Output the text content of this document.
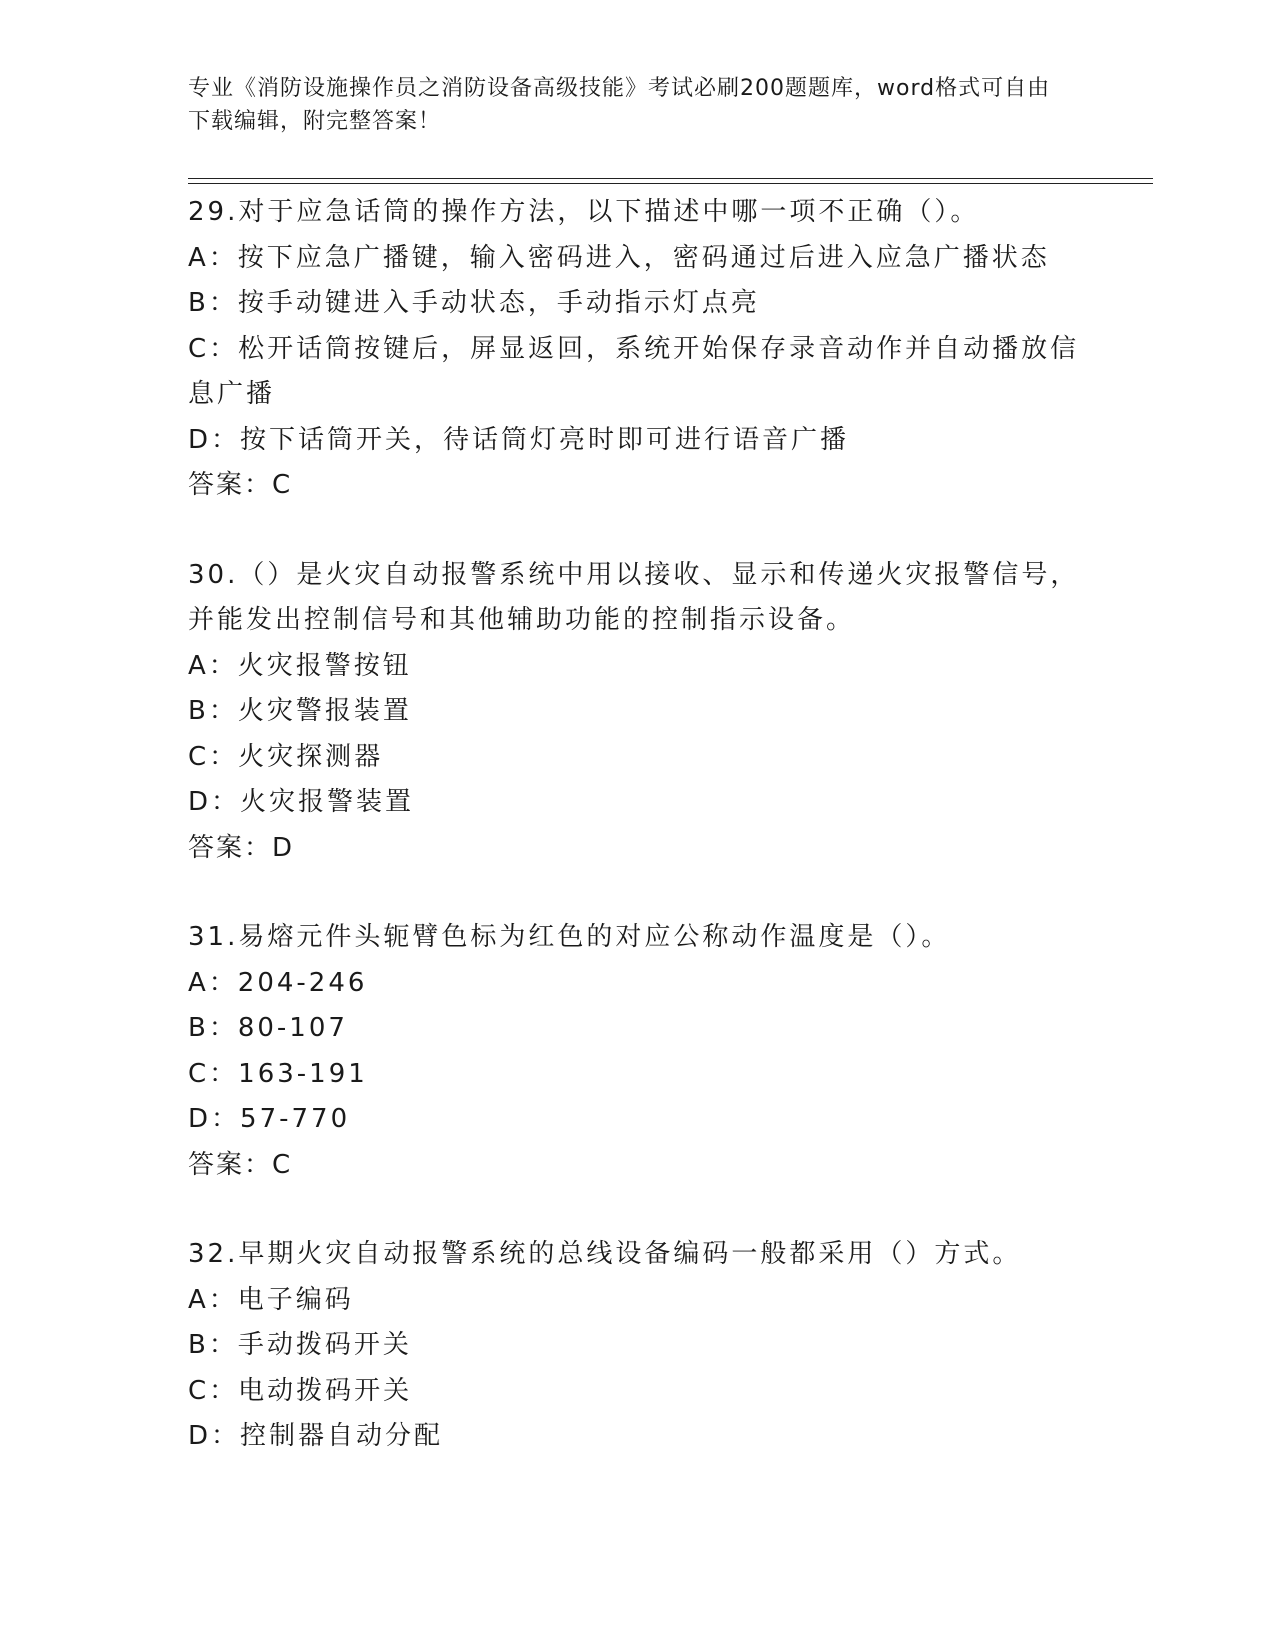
专业《消防设施操作员之消防设备高级技能》考试必刷200题题库，word格式可自由下载编辑，附完整答案！

29.对于应急话筒的操作方法，以下描述中哪一项不正确（）。

A：按下应急广播键，输入密码进入，密码通过后进入应急广播状态

B：按手动键进入手动状态，手动指示灯点亮

C：松开话筒按键后，屏显返回，系统开始保存录音动作并自动播放信息广播

D：按下话筒开关，待话筒灯亮时即可进行语音广播

答案：C

30.（）是火灾自动报警系统中用以接收、显示和传递火灾报警信号，并能发出控制信号和其他辅助功能的控制指示设备。

A：火灾报警按钮

B：火灾警报装置

C：火灾探测器

D：火灾报警装置

答案：D

31.易熔元件头轭臂色标为红色的对应公称动作温度是（）。

A：204-246

B：80-107

C：163-191

D：57-770

答案：C

32.早期火灾自动报警系统的总线设备编码一般都采用（）方式。

A：电子编码

B：手动拨码开关

C：电动拨码开关

D：控制器自动分配
